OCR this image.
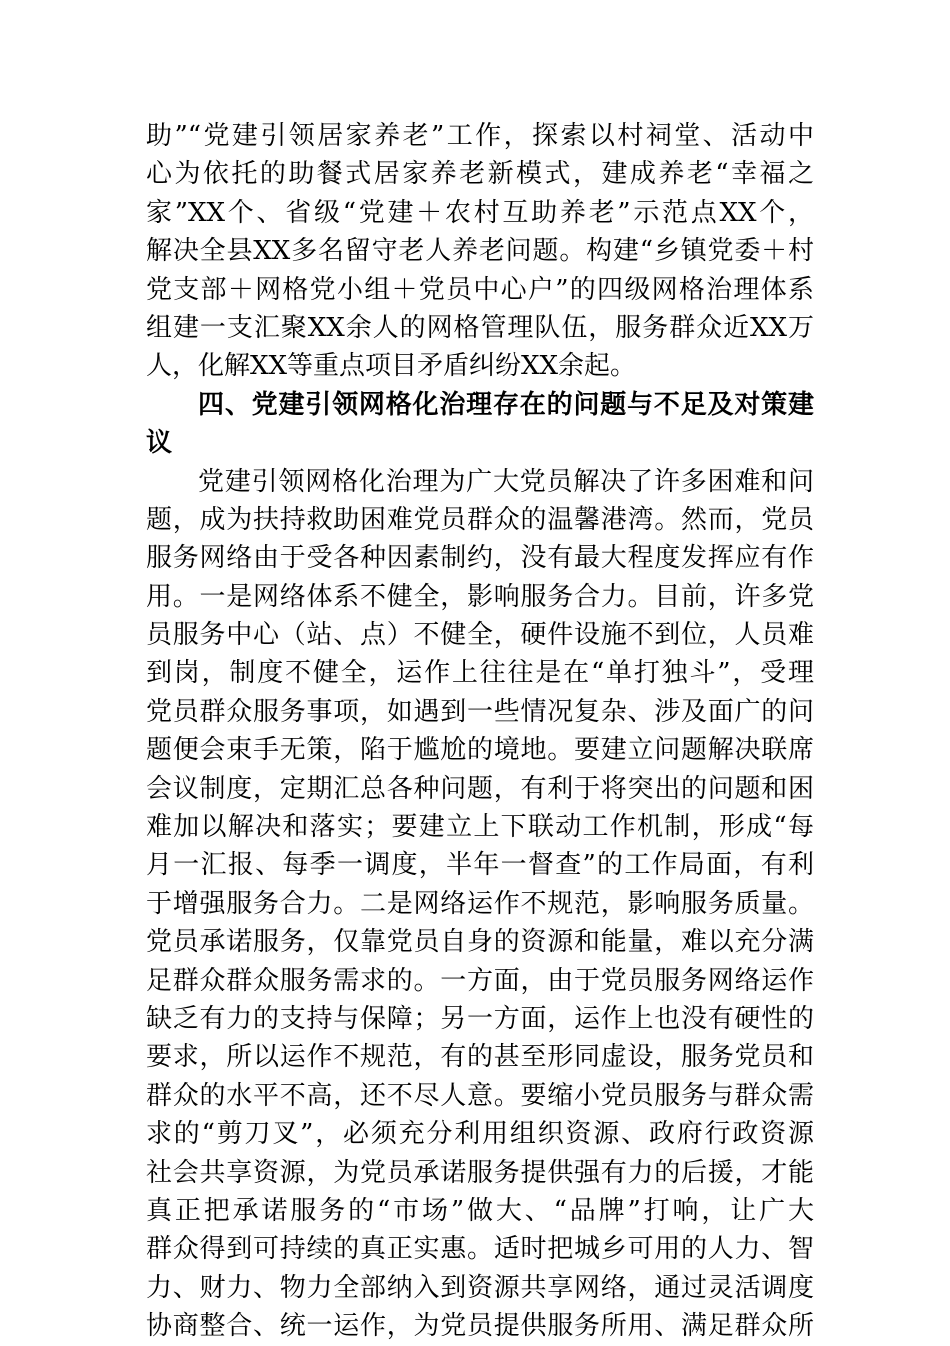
助”“党建引领居家养老”工作，探索以村祠堂、活动中
心为依托的助餐式居家养老新模式，建成养老“幸福之
家”XX个、省级“党建＋农村互助养老”示范点XX个，
解决全县XX多名留守老人养老问题。构建“乡镇党委＋村
党支部＋网格党小组＋党员中心户”的四级网格治理体系
组建一支汇聚XX余人的网格管理队伍，服务群众近XX万
人，化解XX等重点项目矛盾纠纷XX余起。
四、党建引领网格化治理存在的问题与不足及对策建
议
党建引领网格化治理为广大党员解决了许多困难和问
题，成为扶持救助困难党员群众的温馨港湾。然而，党员
服务网络由于受各种因素制约，没有最大程度发挥应有作
用。一是网络体系不健全，影响服务合力。目前，许多党
员服务中心（站、点）不健全，硬件设施不到位，人员难
到岗，制度不健全，运作上往往是在“单打独斗”，受理
党员群众服务事项，如遇到一些情况复杂、涉及面广的问
题便会束手无策，陷于尴尬的境地。要建立问题解决联席
会议制度，定期汇总各种问题，有利于将突出的问题和困
难加以解决和落实；要建立上下联动工作机制，形成“每
月一汇报、每季一调度，半年一督查”的工作局面，有利
于增强服务合力。二是网络运作不规范，影响服务质量。
党员承诺服务，仅靠党员自身的资源和能量，难以充分满
足群众群众服务需求的。一方面，由于党员服务网络运作
缺乏有力的支持与保障；另一方面，运作上也没有硬性的
要求，所以运作不规范，有的甚至形同虚设，服务党员和
群众的水平不高，还不尽人意。要缩小党员服务与群众需
求的“剪刀叉”，必须充分利用组织资源、政府行政资源
社会共享资源，为党员承诺服务提供强有力的后援，才能
真正把承诺服务的“市场”做大、“品牌”打响，让广大
群众得到可持续的真正实惠。适时把城乡可用的人力、智
力、财力、物力全部纳入到资源共享网络，通过灵活调度
协商整合、统一运作，为党员提供服务所用、满足群众所
